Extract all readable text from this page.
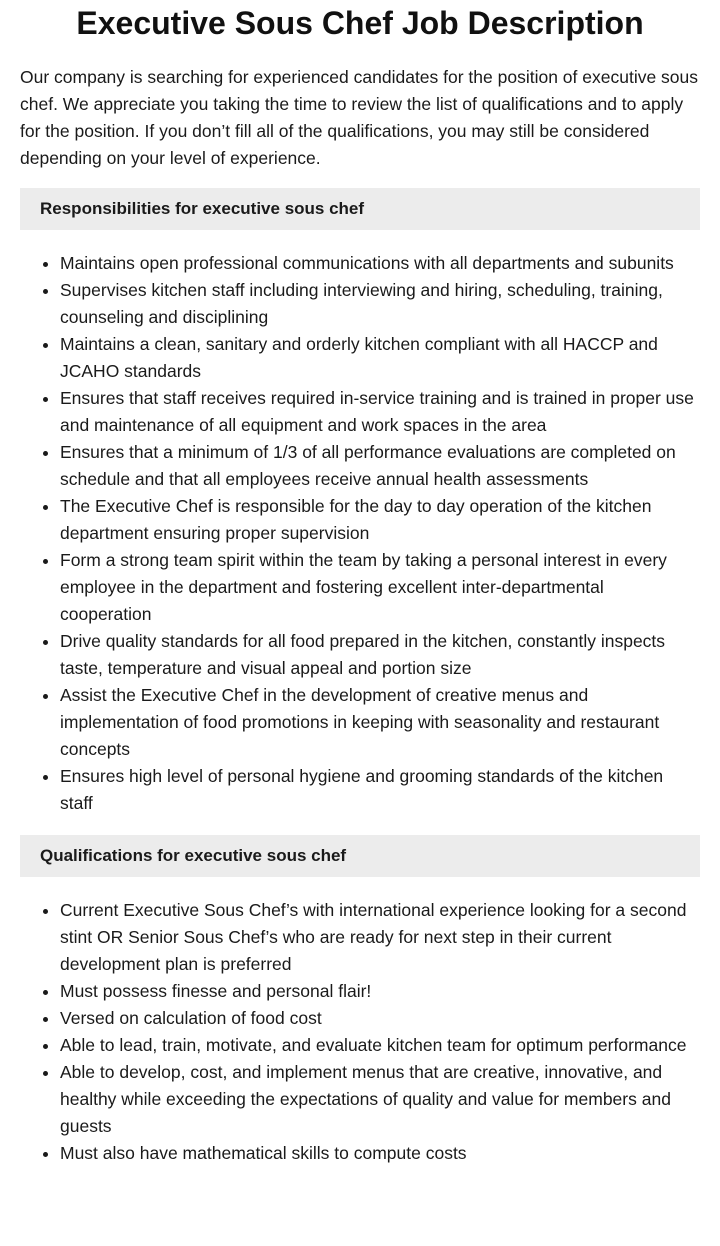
Executive Sous Chef Job Description

Our company is searching for experienced candidates for the position of executive sous chef. We appreciate you taking the time to review the list of qualifications and to apply for the position. If you don’t fill all of the qualifications, you may still be considered depending on your level of experience.

Responsibilities for executive sous chef
• Maintains open professional communications with all departments and subunits
• Supervises kitchen staff including interviewing and hiring, scheduling, training, counseling and disciplining
• Maintains a clean, sanitary and orderly kitchen compliant with all HACCP and JCAHO standards
• Ensures that staff receives required in-service training and is trained in proper use and maintenance of all equipment and work spaces in the area
• Ensures that a minimum of 1/3 of all performance evaluations are completed on schedule and that all employees receive annual health assessments
• The Executive Chef is responsible for the day to day operation of the kitchen department ensuring proper supervision
• Form a strong team spirit within the team by taking a personal interest in every employee in the department and fostering excellent inter-departmental cooperation
• Drive quality standards for all food prepared in the kitchen, constantly inspects taste, temperature and visual appeal and portion size
• Assist the Executive Chef in the development of creative menus and implementation of food promotions in keeping with seasonality and restaurant concepts
• Ensures high level of personal hygiene and grooming standards of the kitchen staff
Qualifications for executive sous chef
• Current Executive Sous Chef’s with international experience looking for a second stint OR Senior Sous Chef’s who are ready for next step in their current development plan is preferred
• Must possess finesse and personal flair!
• Versed on calculation of food cost
• Able to lead, train, motivate, and evaluate kitchen team for optimum performance
• Able to develop, cost, and implement menus that are creative, innovative, and healthy while exceeding the expectations of quality and value for members and guests
• Must also have mathematical skills to compute costs
